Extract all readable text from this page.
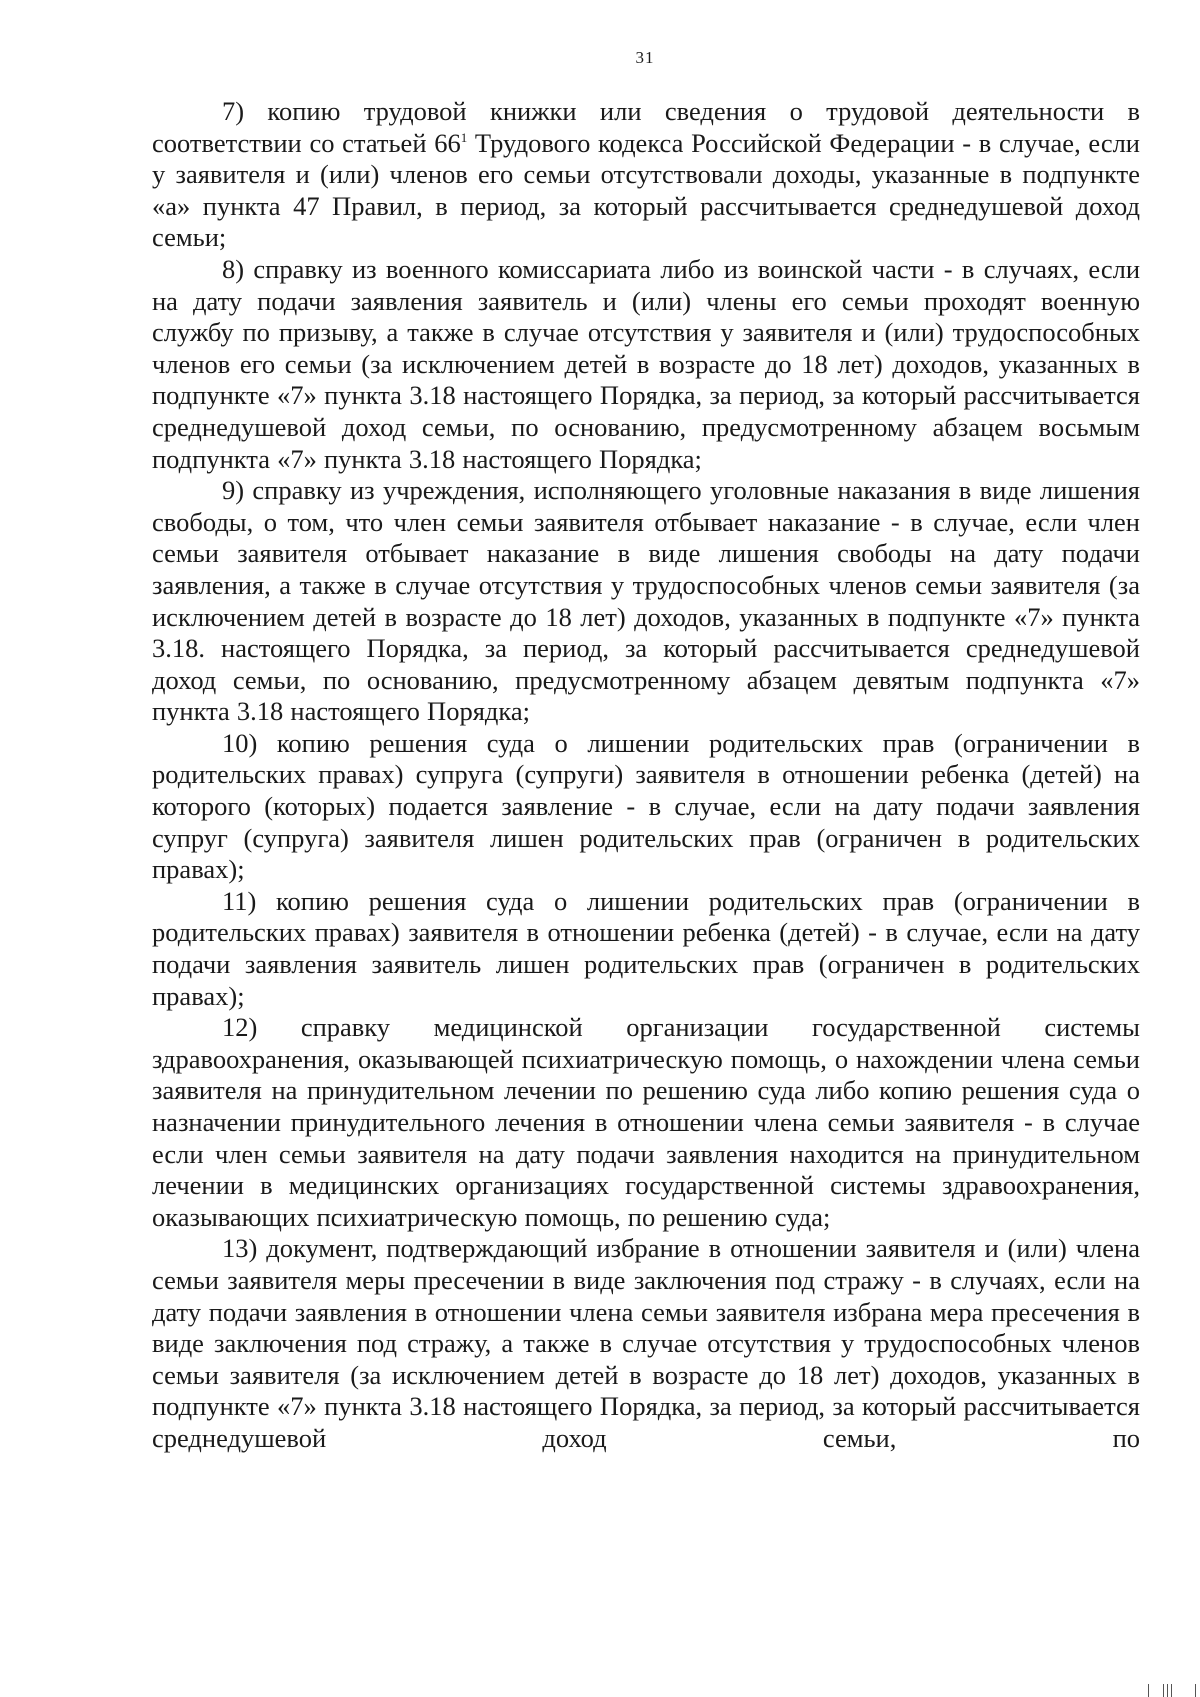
31

7) копию трудовой книжки или сведения о трудовой деятельности в соответствии со статьей $66^1$ Трудового кодекса Российской Федерации - в случае, если у заявителя и (или) членов его семьи отсутствовали доходы, указанные в подпункте «а» пункта 47 Правил, в период, за который рассчитывается среднедушевой доход семьи;

8) справку из военного комиссариата либо из воинской части - в случаях, если на дату подачи заявления заявитель и (или) члены его семьи проходят военную службу по призыву, а также в случае отсутствия у заявителя и (или) трудоспособных членов его семьи (за исключением детей в возрасте до 18 лет) доходов, указанных в подпункте «7» пункта 3.18 настоящего Порядка, за период, за который рассчитывается среднедушевой доход семьи, по основанию, предусмотренному абзацем восьмым подпункта «7» пункта 3.18 настоящего Порядка;

9) справку из учреждения, исполняющего уголовные наказания в виде лишения свободы, о том, что член семьи заявителя отбывает наказание - в случае, если член семьи заявителя отбывает наказание в виде лишения свободы на дату подачи заявления, а также в случае отсутствия у трудоспособных членов семьи заявителя (за исключением детей в возрасте до 18 лет) доходов, указанных в подпункте «7» пункта 3.18. настоящего Порядка, за период, за который рассчитывается среднедушевой доход семьи, по основанию, предусмотренному абзацем девятым подпункта «7» пункта 3.18 настоящего Порядка;

10) копию решения суда о лишении родительских прав (ограничении в родительских правах) супруга (супруги) заявителя в отношении ребенка (детей) на которого (которых) подается заявление - в случае, если на дату подачи заявления супруг (супруга) заявителя лишен родительских прав (ограничен в родительских правах);

11) копию решения суда о лишении родительских прав (ограничении в родительских правах) заявителя в отношении ребенка (детей) - в случае, если на дату подачи заявления заявитель лишен родительских прав (ограничен в родительских правах);

12) справку медицинской организации государственной системы здравоохранения, оказывающей психиатрическую помощь, о нахождении члена семьи заявителя на принудительном лечении по решению суда либо копию решения суда о назначении принудительного лечения в отношении члена семьи заявителя - в случае если член семьи заявителя на дату подачи заявления находится на принудительном лечении в медицинских организациях государственной системы здравоохранения, оказывающих психиатрическую помощь, по решению суда;

13) документ, подтверждающий избрание в отношении заявителя и (или) члена семьи заявителя меры пресечении в виде заключения под стражу - в случаях, если на дату подачи заявления в отношении члена семьи заявителя избрана мера пресечения в виде заключения под стражу, а также в случае отсутствия у трудоспособных членов семьи заявителя (за исключением детей в возрасте до 18 лет) доходов, указанных в подпункте «7» пункта 3.18 настоящего Порядка, за период, за который рассчитывается среднедушевой доход семьи, по
